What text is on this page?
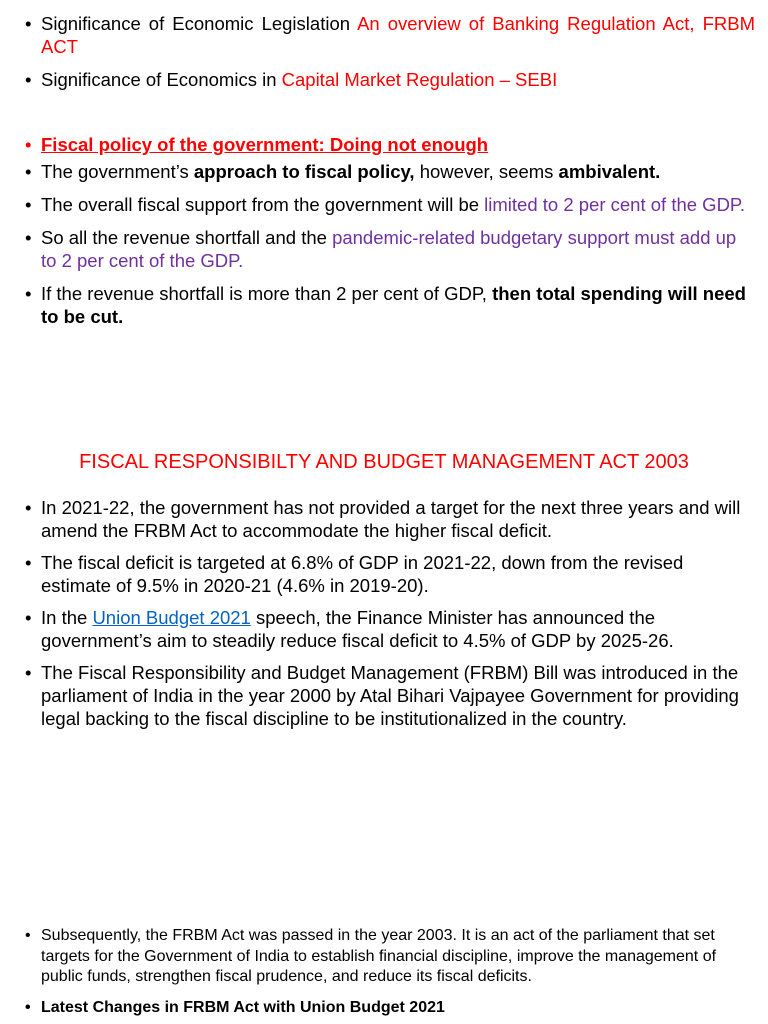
• Significance of Economic Legislation An overview of Banking Regulation Act, FRBM ACT
• Significance of Economics in Capital Market Regulation – SEBI
• Fiscal policy of the government: Doing not enough
• The government’s approach to fiscal policy, however, seems ambivalent.
• The overall fiscal support from the government will be limited to 2 per cent of the GDP.
• So all the revenue shortfall and the pandemic-related budgetary support must add up to 2 per cent of the GDP.
• If the revenue shortfall is more than 2 per cent of GDP, then total spending will need to be cut.
FISCAL RESPONSIBILTY AND BUDGET MANAGEMENT ACT 2003
• In 2021-22, the government has not provided a target for the next three years and will amend the FRBM Act to accommodate the higher fiscal deficit.
• The fiscal deficit is targeted at 6.8% of GDP in 2021-22, down from the revised estimate of 9.5% in 2020-21 (4.6% in 2019-20).
• In the Union Budget 2021 speech, the Finance Minister has announced the government’s aim to steadily reduce fiscal deficit to 4.5% of GDP by 2025-26.
• The Fiscal Responsibility and Budget Management (FRBM) Bill was introduced in the parliament of India in the year 2000 by Atal Bihari Vajpayee Government for providing legal backing to the fiscal discipline to be institutionalized in the country.
• Subsequently, the FRBM Act was passed in the year 2003. It is an act of the parliament that set targets for the Government of India to establish financial discipline, improve the management of public funds, strengthen fiscal prudence, and reduce its fiscal deficits.
• Latest Changes in FRBM Act with Union Budget 2021
